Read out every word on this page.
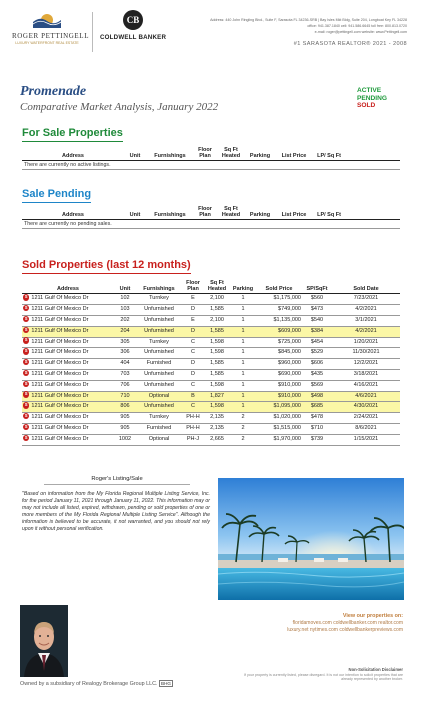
ROGER PETTINGELL
LUXURY WATERFRONT REAL ESTATE
CB
COLDWELL BANKER
Address: 440 John Ringling Blvd., Suite F, Sarasota FL 34236-SRB | Bay Isles Mkt Bldg, Suite 204, Longboat Key FL 34228
office: 941.387.1840 cell: 941.586.6645 toll free: 800.813.0720
e-mail: roger@pettingell.com website: www.Pettingell.com
#1 SARASOTA REALTOR® 2021 - 2008
Promenade
Comparative Market Analysis, January 2022
ACTIVE
PENDING
SOLD
For Sale Properties
Address	Unit	Furnishings	Floor Plan	Sq Ft Heated	Parking	List Price	LP/ Sq Ft	
There are currently no active listings.
Sale Pending
Address	Unit	Furnishings	Floor Plan	Sq Ft Heated	Parking	List Price	LP/ Sq Ft	
There are currently no pending sales.
Sold Properties (last 12 months)
Address	Unit	Furnishings	Floor Plan	Sq Ft Heated	Parking	Sold Price	SP/SqFt	Sold Date
S 1211 Gulf Of Mexico Dr	102	Turnkey	E	2,100	1	$1,175,000	$560	7/23/2021
S 1211 Gulf Of Mexico Dr	103	Unfurnished	D	1,585	1	$749,000	$473	4/2/2021
S 1211 Gulf Of Mexico Dr	202	Unfurnished	E	2,100	1	$1,135,000	$540	3/1/2021
S 1211 Gulf Of Mexico Dr	204	Unfurnished	D	1,585	1	$609,000	$384	4/2/2021
S 1211 Gulf Of Mexico Dr	305	Turnkey	C	1,598	1	$725,000	$454	1/20/2021
S 1211 Gulf Of Mexico Dr	306	Unfurnished	C	1,598	1	$845,000	$529	11/30/2021
S 1211 Gulf Of Mexico Dr	404	Furnished	D	1,585	1	$960,000	$606	12/2/2021
S 1211 Gulf Of Mexico Dr	703	Unfurnished	D	1,585	1	$690,000	$435	3/18/2021
S 1211 Gulf Of Mexico Dr	706	Unfurnished	C	1,598	1	$910,000	$569	4/16/2021
S 1211 Gulf Of Mexico Dr	710	Optional	B	1,827	1	$910,000	$498	4/6/2021
S 1211 Gulf Of Mexico Dr	806	Unfurnished	C	1,598	1	$1,095,000	$685	4/30/2021
S 1211 Gulf Of Mexico Dr	905	Turnkey	PH-H	2,135	2	$1,020,000	$478	2/24/2021
S 1211 Gulf Of Mexico Dr	905	Furnished	PH-H	2,135	2	$1,515,000	$710	8/6/2021
S 1211 Gulf Of Mexico Dr	1002	Optional	PH-J	2,665	2	$1,970,000	$739	1/15/2021
Roger's Listing/Sale
"Based on information from the My Florida Regional Multiple Listing Service, Inc. for the period January 11, 2021 through January 11, 2022. This information may or may not include all listed, expired, withdrawn, pending or sold properties of one or more members of the My Florida Regional Multiple Listing Service". Although the information is believed to be accurate, it not warranted, and you should not rely upon it without personal verification.
View our properties on:
floridamoves.com coldwellbanker.com realtor.com
luxury.net nytimes.com coldwellbankerpreviews.com
Non-Solicitation Disclaimer
If your property is currently listed, please disregard. It is not our intention to solicit properties that are already represented by another broker.
Owned by a subsidiary of Realogy Brokerage Group LLC. BHG
